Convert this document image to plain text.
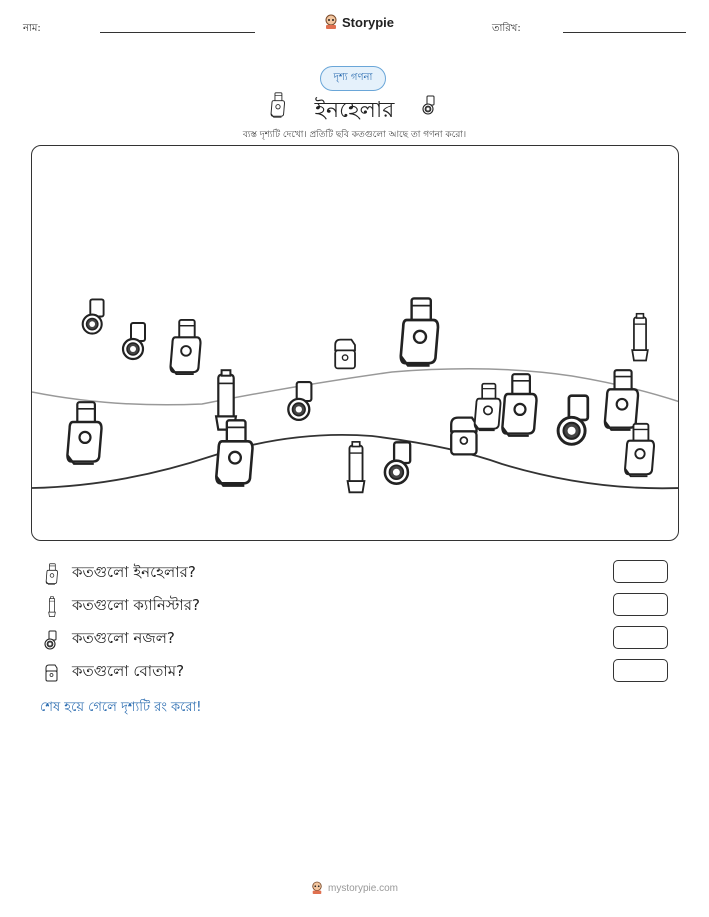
নাম:	Storypie	তারিখ:
দৃশ্য গণনা
ইনহেলার
ব্যস্ত দৃশ্যটি দেখো। প্রতিটি ছবি কতগুলো আছে তা গণনা করো।
কতগুলো ইনহেলার?
কতগুলো ক্যানিস্টার?
কতগুলো নজল?
কতগুলো বোতাম?
শেষ হয়ে গেলে দৃশ্যটি রং করো!
mystorypie.com
